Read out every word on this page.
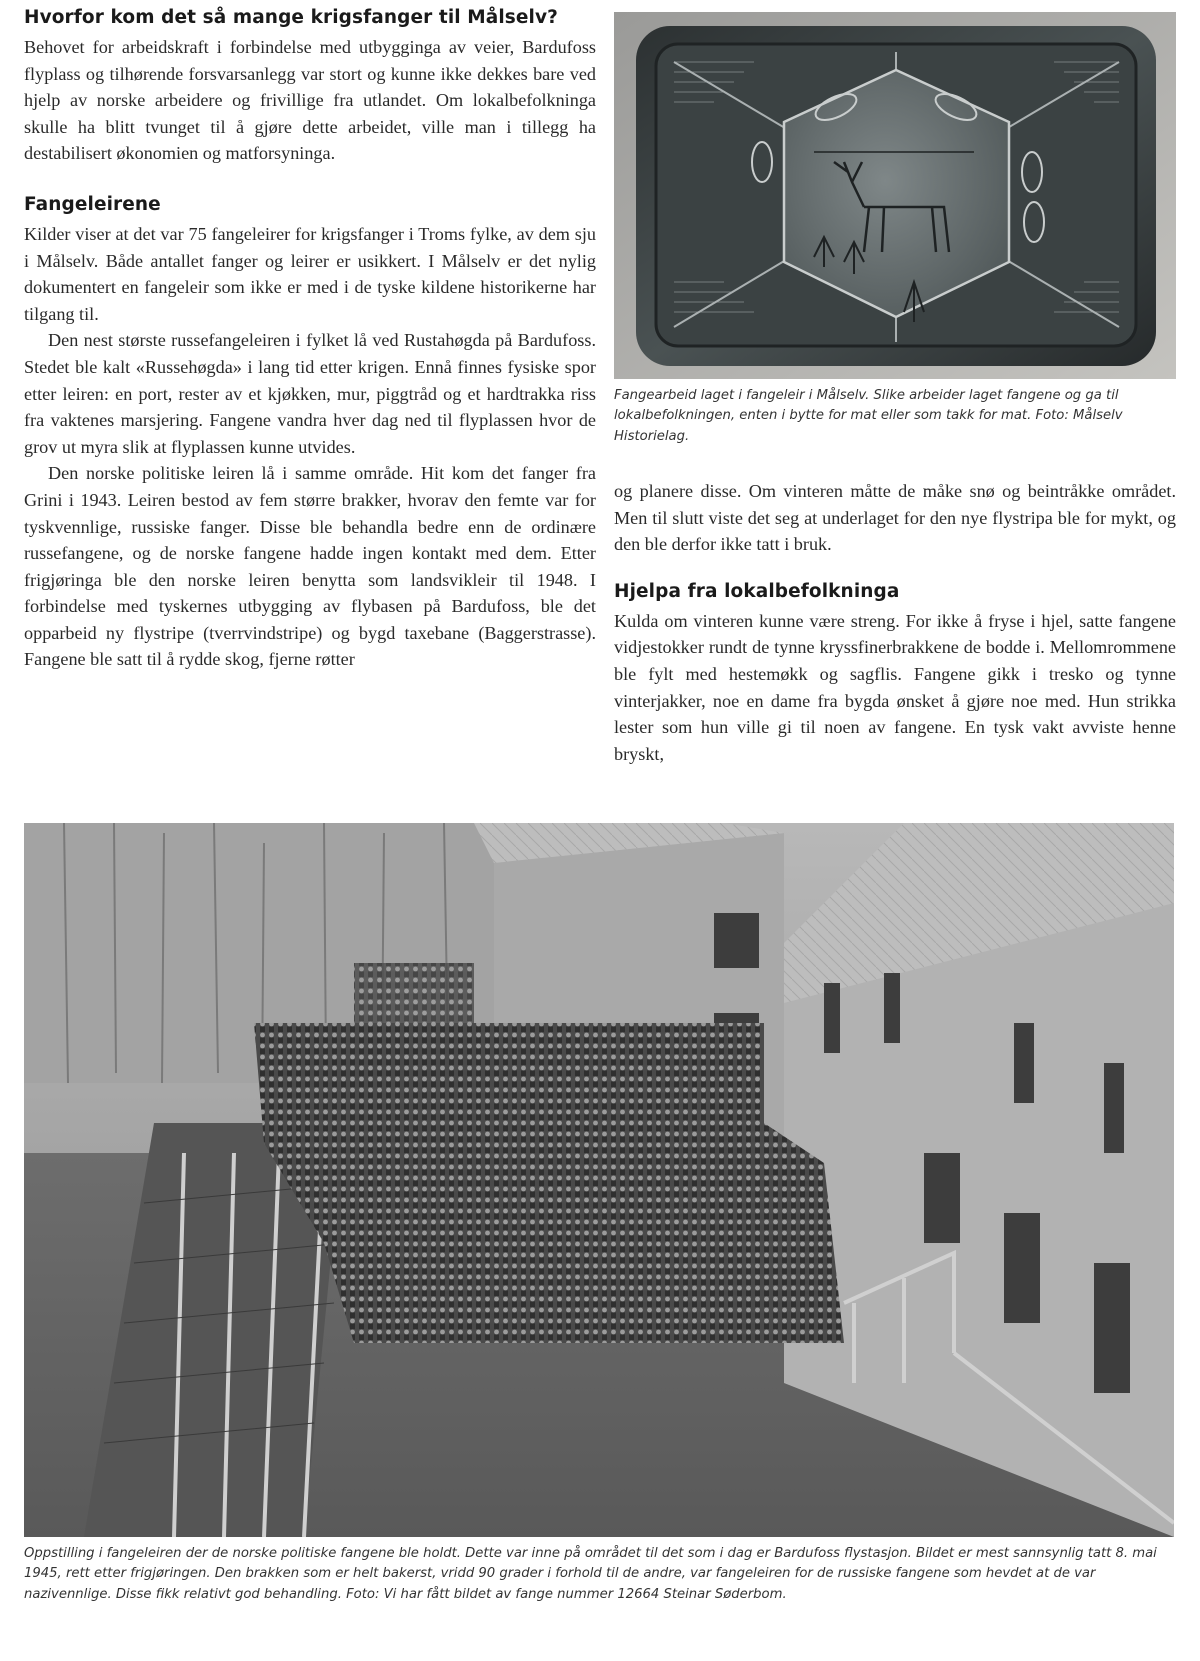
Hvorfor kom det så mange krigsfanger til Målselv?

Behovet for arbeidskraft i forbindelse med utbygginga av veier, Bardufoss flyplass og tilhørende forsvarsanlegg var stort og kunne ikke dekkes bare ved hjelp av norske arbeidere og frivillige fra utlandet. Om lokalbefolkninga skulle ha blitt tvunget til å gjøre dette arbeidet, ville man i tillegg ha destabilisert økonomien og matforsyninga.

Fangeleirene

Kilder viser at det var 75 fangeleirer for krigsfanger i Troms fylke, av dem sju i Målselv. Både antallet fanger og leirer er usikkert. I Målselv er det nylig dokumentert en fangeleir som ikke er med i de tyske kildene historikerne har tilgang til.

Den nest største russefangeleiren i fylket lå ved Rustahøgda på Bardufoss. Stedet ble kalt «Russehøgda» i lang tid etter krigen. Ennå finnes fysiske spor etter leiren: en port, rester av et kjøkken, mur, piggtråd og et hardtrakka riss fra vaktenes marsjering. Fangene vandra hver dag ned til flyplassen hvor de grov ut myra slik at flyplassen kunne utvides.

Den norske politiske leiren lå i samme område. Hit kom det fanger fra Grini i 1943. Leiren bestod av fem større brakker, hvorav den femte var for tyskvennlige, russiske fanger. Disse ble behandla bedre enn de ordinære russefangene, og de norske fangene hadde ingen kontakt med dem. Etter frigjøringa ble den norske leiren benytta som landsvikleir til 1948. I forbindelse med tyskernes utbygging av flybasen på Bardufoss, ble det opparbeid ny flystripe (tverrvindstripe) og bygd taxebane (Baggerstrasse). Fangene ble satt til å rydde skog, fjerne røtter

Fangearbeid laget i fangeleir i Målselv. Slike arbeider laget fangene og ga til lokalbefolkningen, enten i bytte for mat eller som takk for mat. Foto: Målselv Historielag.

og planere disse. Om vinteren måtte de måke snø og beintråkke området. Men til slutt viste det seg at underlaget for den nye flystripa ble for mykt, og den ble derfor ikke tatt i bruk.

Hjelpa fra lokalbefolkninga

Kulda om vinteren kunne være streng. For ikke å fryse i hjel, satte fangene vidjestokker rundt de tynne kryssfinerbrakkene de bodde i. Mellomrommene ble fylt med hestemøkk og sagflis. Fangene gikk i tresko og tynne vinterjakker, noe en dame fra bygda ønsket å gjøre noe med. Hun strikka lester som hun ville gi til noen av fangene. En tysk vakt avviste henne bryskt,

Oppstilling i fangeleiren der de norske politiske fangene ble holdt. Dette var inne på området til det som i dag er Bardufoss flystasjon. Bildet er mest sannsynlig tatt 8. mai 1945, rett etter frigjøringen. Den brakken som er helt bakerst, vridd 90 grader i forhold til de andre, var fangeleiren for de russiske fangene som hevdet at de var nazivennlige. Disse fikk relativt god behandling. Foto: Vi har fått bildet av fange nummer 12664 Steinar Søderbom.
